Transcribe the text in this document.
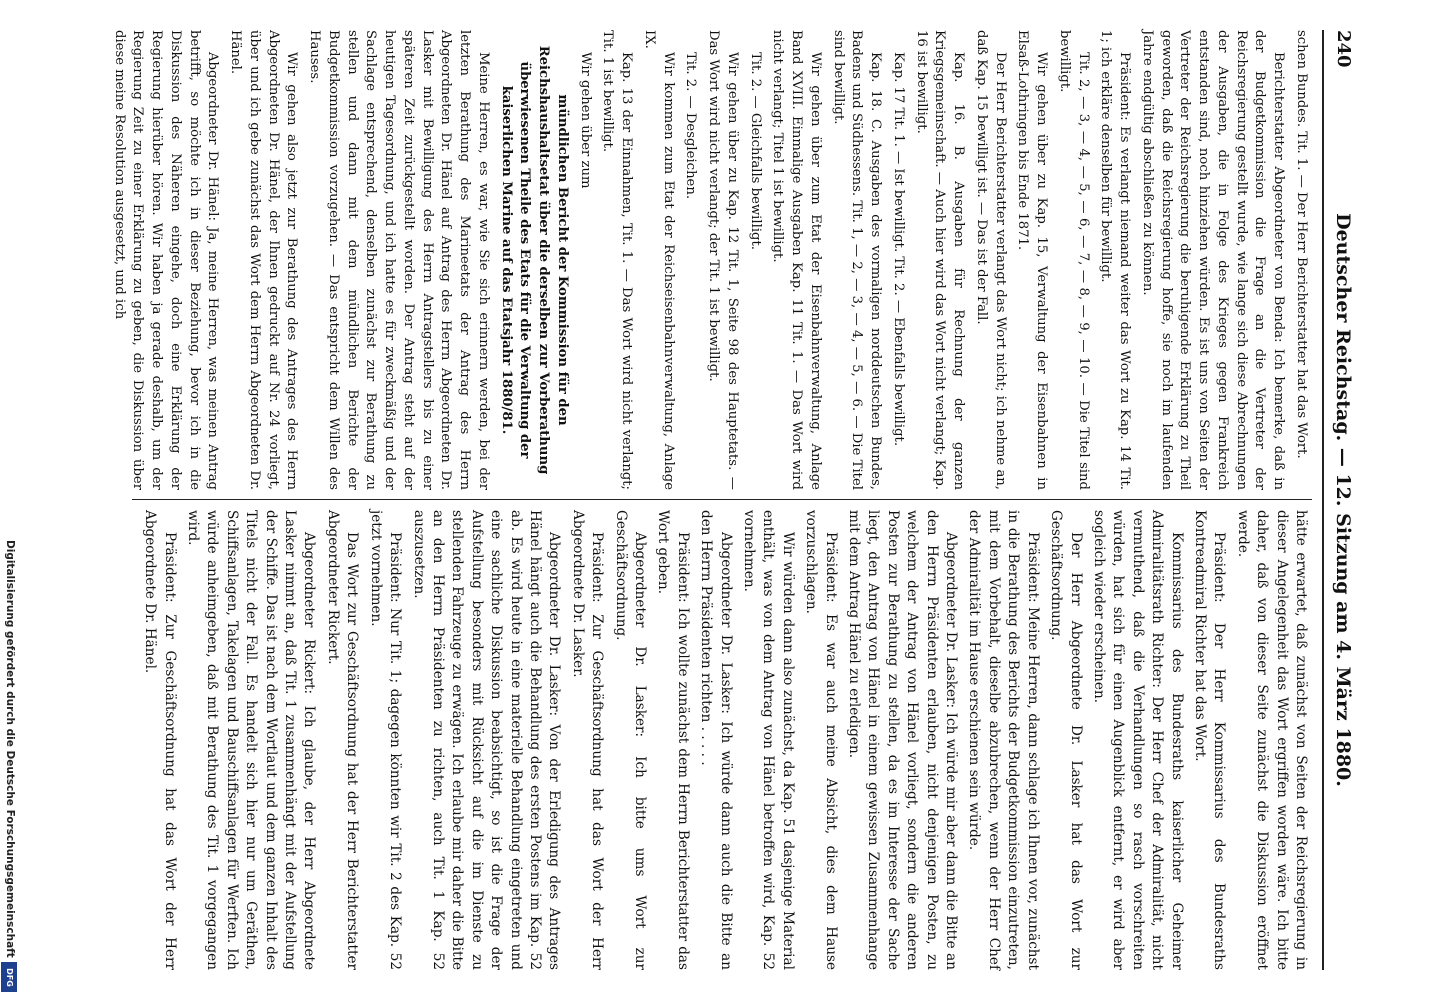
240
Deutscher Reichstag. — 12. Sitzung am 4. März 1880.

schen Bundes. Tit. 1. — Der Herr Berichterstatter hat das Wort.

Berichterstatter Abgeordneter von Benda: Ich bemerke, daß in der Budgetkommission die Frage an die Vertreter der Reichsregierung gestellt wurde, wie lange sich diese Abrechnungen der Ausgaben, die in Folge des Krieges gegen Frankreich entstanden sind, noch hinziehen würden. Es ist uns von Seiten der Vertreter der Reichsregierung die beruhigende Erklärung zu Theil geworden, daß die Reichsregierung hoffe, sie noch im laufenden Jahre endgültig abschließen zu können.

Präsident: Es verlangt niemand weiter das Wort zu Kap. 14 Tit. 1; ich erkläre denselben für bewilligt.

Tit. 2, — 3, — 4, — 5, — 6, — 7, — 8, — 9, — 10. — Die Titel sind bewilligt.

Wir gehen über zu Kap. 15, Verwaltung der Eisenbahnen in Elsaß-Lothringen bis Ende 1871.

Der Herr Berichterstatter verlangt das Wort nicht; ich nehme an, daß Kap. 15 bewilligt ist. — Das ist der Fall.

Kap. 16. B. Ausgaben für Rechnung der ganzen Kriegsgemeinschaft. — Auch hier wird das Wort nicht verlangt; Kap. 16 ist bewilligt.

Kap. 17 Tit. 1. — Ist bewilligt. Tit. 2. — Ebenfalls bewilligt.

Kap. 18. C. Ausgaben des vormaligen norddeutschen Bundes, Badens und Südhessens. Tit. 1, — 2, — 3, — 4, — 5, — 6. — Die Titel sind bewilligt.

Wir gehen über zum Etat der Eisenbahnverwaltung, Anlage Band XVIII. Einmalige Ausgaben Kap. 11 Tit. 1. — Das Wort wird nicht verlangt; Titel 1 ist bewilligt.

Tit. 2. — Gleichfalls bewilligt.

Wir gehen über zu Kap. 12 Tit. 1, Seite 98 des Hauptetats. — Das Wort wird nicht verlangt; der Tit. 1 ist bewilligt.

Tit. 2. — Desgleichen.

Wir kommen zum Etat der Reichseisenbahnverwaltung, Anlage IX.

Kap. 13 der Einnahmen, Tit. 1. — Das Wort wird nicht verlangt; Tit. 1 ist bewilligt.

Wir gehen über zum

mündlichen Bericht der Kommission für den Reichshaushaltsetat über die derselben zur Vorberathung überwiesenen Theile des Etats für die Verwaltung der kaiserlichen Marine auf das Etatsjahr 1880/81.

Meine Herren, es war, wie Sie sich erinnern werden, bei der letzten Berathung des Marineetats der Antrag des Herrn Abgeordneten Dr. Hänel auf Antrag des Herrn Abgeordneten Dr. Lasker mit Bewilligung des Herrn Antragstellers bis zu einer späteren Zeit zurückgestellt worden. Der Antrag steht auf der heutigen Tagesordnung, und ich hatte es für zweckmäßig und der Sachlage entsprechend, denselben zunächst zur Berathung zu stellen und dann mit dem mündlichen Berichte der Budgetkommission vorzugehen. — Das entspricht dem Willen des Hauses.

Wir gehen also jetzt zur Berathung des Antrages des Herrn Abgeordneten Dr. Hänel, der Ihnen gedruckt auf Nr. 24 vorliegt, über und ich gebe zunächst das Wort dem Herrn Abgeordneten Dr. Hänel.

Abgeordneter Dr. Hänel: Ja, meine Herren, was meinen Antrag betrifft, so möchte ich in dieser Beziehung, bevor ich in die Diskussion des Näheren eingehe, doch eine Erklärung der Regierung hierüber hören. Wir haben ja gerade deshalb, um der Regierung Zeit zu einer Erklärung zu geben, die Diskussion über diese meine Resolution ausgesetzt, und ich

hätte erwartet, daß zunächst von Seiten der Reichsregierung in dieser Angelegenheit das Wort ergriffen worden wäre. Ich bitte daher, daß von dieser Seite zunächst die Diskussion eröffnet werde.

Präsident: Der Herr Kommissarius des Bundesraths Kontreadmiral Richter hat das Wort.

Kommissarius des Bundesraths kaiserlicher Geheimer Admiralitätsrath Richter: Der Herr Chef der Admiralität, nicht vermuthend, daß die Verhandlungen so rasch vorschreiten würden, hat sich für einen Augenblick entfernt, er wird aber sogleich wieder erscheinen.

Der Herr Abgeordnete Dr. Lasker hat das Wort zur Geschäftsordnung.

Präsident: Meine Herren, dann schlage ich Ihnen vor, zunächst in die Berathung des Berichts der Budgetkommission einzutreten, mit dem Vorbehalt, dieselbe abzubrechen, wenn der Herr Chef der Admiralität im Hause erschienen sein würde.

Abgeordneter Dr. Lasker: Ich würde mir aber dann die Bitte an den Herrn Präsidenten erlauben, nicht denjenigen Posten, zu welchem der Antrag von Hänel vorliegt, sondern die anderen Posten zur Berathung zu stellen, da es im Interesse der Sache liegt, den Antrag von Hänel in einem gewissen Zusammenhange mit dem Antrag Hänel zu erledigen.

Präsident: Es war auch meine Absicht, dies dem Hause vorzuschlagen.

Wir würden dann also zunächst, da Kap. 51 dasjenige Material enthält, was von dem Antrag von Hänel betroffen wird, Kap. 52 vornehmen.

Abgeordneter Dr. Lasker: Ich würde dann auch die Bitte an den Herrn Präsidenten richten . . . . .

Präsident: Ich wollte zunächst dem Herrn Berichterstatter das Wort geben.

Abgeordneter Dr. Lasker: Ich bitte ums Wort zur Geschäftsordnung.

Präsident: Zur Geschäftsordnung hat das Wort der Herr Abgeordnete Dr. Lasker.

Abgeordneter Dr. Lasker: Von der Erledigung des Antrages Hänel hängt auch die Behandlung des ersten Postens im Kap. 52 ab. Es wird heute in eine materielle Behandlung eingetreten und eine sachliche Diskussion beabsichtigt, so ist die Frage der Aufstellung besonders mit Rücksicht auf die im Dienste zu stellenden Fahrzeuge zu erwägen. Ich erlaube mir daher die Bitte an den Herrn Präsidenten zu richten, auch Tit. 1 Kap. 52 auszusetzen.

Präsident: Nur Tit. 1; dagegen könnten wir Tit. 2 des Kap. 52 jetzt vornehmen.

Das Wort zur Geschäftsordnung hat der Herr Berichterstatter Abgeordneter Rickert.

Abgeordneter Rickert: Ich glaube, der Herr Abgeordnete Lasker nimmt an, daß Tit. 1 zusammenhängt mit der Aufstellung der Schiffe. Das ist nach dem Wortlaut und dem ganzen Inhalt des Titels nicht der Fall. Es handelt sich hier nur um Geräthen, Schiffsanlagen, Takelagen und Bauschiffsanlagen für Werften. Ich würde anheimgeben, daß mit Berathung des Tit. 1 vorgegangen wird.

Präsident: Zur Geschäftsordnung hat das Wort der Herr Abgeordnete Dr. Hänel.

Digitalisierung gefördert durch die Deutsche Forschungsgemeinschaft
DFG
